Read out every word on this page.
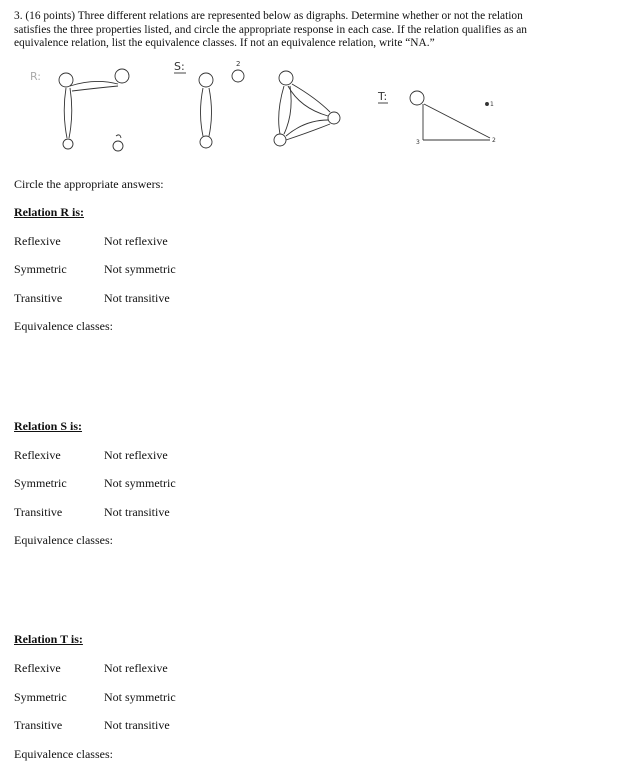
3. (16 points) Three different relations are represented below as digraphs. Determine whether or not the relation satisfies the three properties listed, and circle the appropriate response in each case. If the relation qualifies as an equivalence relation, list the equivalence classes. If not an equivalence relation, write “NA.”
R:
S:	2
T:
1
2
3
Circle the appropriate answers:
Relation R is:
Reflexive	Not reflexive
Symmetric	Not symmetric
Transitive	Not transitive
Equivalence classes:
Relation S is:
Reflexive	Not reflexive
Symmetric	Not symmetric
Transitive	Not transitive
Equivalence classes:
Relation T is:
Reflexive	Not reflexive
Symmetric	Not symmetric
Transitive	Not transitive
Equivalence classes:
